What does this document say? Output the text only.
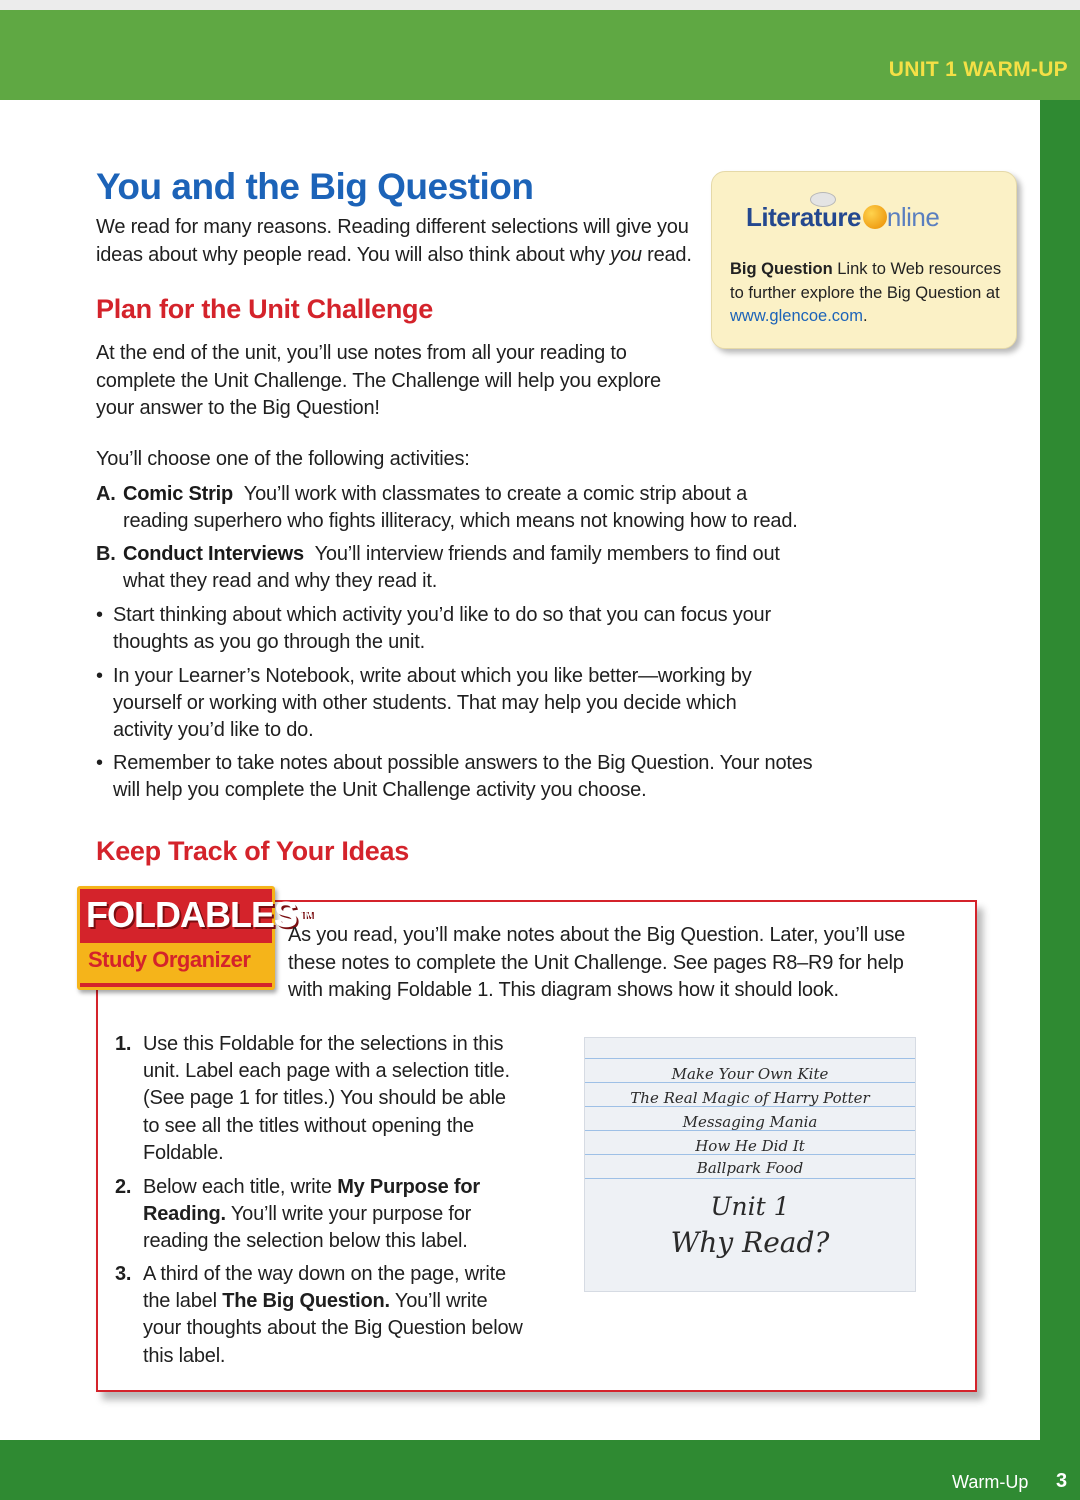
UNIT 1 WARM-UP
You and the Big Question

We read for many reasons. Reading different selections will give you ideas about why people read. You will also think about why you read.

Literature nline
Big Question Link to Web resources to further explore the Big Question at www.glencoe.com.
Plan for the Unit Challenge

At the end of the unit, you’ll use notes from all your reading to complete the Unit Challenge. The Challenge will help you explore your answer to the Big Question!

You’ll choose one of the following activities:

A. Comic Strip You’ll work with classmates to create a comic strip about a reading superhero who fights illiteracy, which means not knowing how to read.
B. Conduct Interviews You’ll interview friends and family members to find out what they read and why they read it.
• Start thinking about which activity you’d like to do so that you can focus your thoughts as you go through the unit.
• In your Learner’s Notebook, write about which you like better—working by yourself or working with other students. That may help you decide which activity you’d like to do.
• Remember to take notes about possible answers to the Big Question. Your notes will help you complete the Unit Challenge activity you choose.
Keep Track of Your Ideas
FOLDABLES ™
Study Organizer

As you read, you’ll make notes about the Big Question. Later, you’ll use these notes to complete the Unit Challenge. See pages R8–R9 for help with making Foldable 1. This diagram shows how it should look.

1. Use this Foldable for the selections in this unit. Label each page with a selection title. (See page 1 for titles.) You should be able to see all the titles without opening the Foldable.
2. Below each title, write My Purpose for Reading. You’ll write your purpose for reading the selection below this label.
3. A third of the way down on the page, write the label The Big Question. You’ll write your thoughts about the Big Question below this label.
Make Your Own Kite
The Real Magic of Harry Potter
Messaging Mania
How He Did It
Ballpark Food
Unit 1
Why Read?
Warm-Up 3
